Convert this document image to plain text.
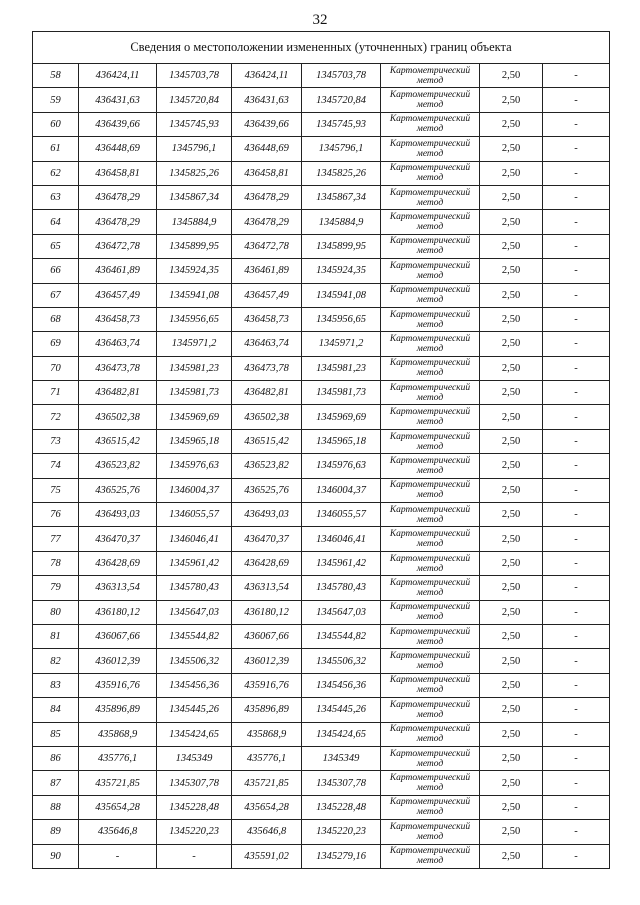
32
Сведения о местоположении измененных (уточненных) границ объекта							
58	436424,11	1345703,78	436424,11	1345703,78	Картометрический метод	2,50	-
59	436431,63	1345720,84	436431,63	1345720,84	Картометрический метод	2,50	-
60	436439,66	1345745,93	436439,66	1345745,93	Картометрический метод	2,50	-
61	436448,69	1345796,1	436448,69	1345796,1	Картометрический метод	2,50	-
62	436458,81	1345825,26	436458,81	1345825,26	Картометрический метод	2,50	-
63	436478,29	1345867,34	436478,29	1345867,34	Картометрический метод	2,50	-
64	436478,29	1345884,9	436478,29	1345884,9	Картометрический метод	2,50	-
65	436472,78	1345899,95	436472,78	1345899,95	Картометрический метод	2,50	-
66	436461,89	1345924,35	436461,89	1345924,35	Картометрический метод	2,50	-
67	436457,49	1345941,08	436457,49	1345941,08	Картометрический метод	2,50	-
68	436458,73	1345956,65	436458,73	1345956,65	Картометрический метод	2,50	-
69	436463,74	1345971,2	436463,74	1345971,2	Картометрический метод	2,50	-
70	436473,78	1345981,23	436473,78	1345981,23	Картометрический метод	2,50	-
71	436482,81	1345981,73	436482,81	1345981,73	Картометрический метод	2,50	-
72	436502,38	1345969,69	436502,38	1345969,69	Картометрический метод	2,50	-
73	436515,42	1345965,18	436515,42	1345965,18	Картометрический метод	2,50	-
74	436523,82	1345976,63	436523,82	1345976,63	Картометрический метод	2,50	-
75	436525,76	1346004,37	436525,76	1346004,37	Картометрический метод	2,50	-
76	436493,03	1346055,57	436493,03	1346055,57	Картометрический метод	2,50	-
77	436470,37	1346046,41	436470,37	1346046,41	Картометрический метод	2,50	-
78	436428,69	1345961,42	436428,69	1345961,42	Картометрический метод	2,50	-
79	436313,54	1345780,43	436313,54	1345780,43	Картометрический метод	2,50	-
80	436180,12	1345647,03	436180,12	1345647,03	Картометрический метод	2,50	-
81	436067,66	1345544,82	436067,66	1345544,82	Картометрический метод	2,50	-
82	436012,39	1345506,32	436012,39	1345506,32	Картометрический метод	2,50	-
83	435916,76	1345456,36	435916,76	1345456,36	Картометрический метод	2,50	-
84	435896,89	1345445,26	435896,89	1345445,26	Картометрический метод	2,50	-
85	435868,9	1345424,65	435868,9	1345424,65	Картометрический метод	2,50	-
86	435776,1	1345349	435776,1	1345349	Картометрический метод	2,50	-
87	435721,85	1345307,78	435721,85	1345307,78	Картометрический метод	2,50	-
88	435654,28	1345228,48	435654,28	1345228,48	Картометрический метод	2,50	-
89	435646,8	1345220,23	435646,8	1345220,23	Картометрический метод	2,50	-
90	-	-	435591,02	1345279,16	Картометрический метод	2,50	-
